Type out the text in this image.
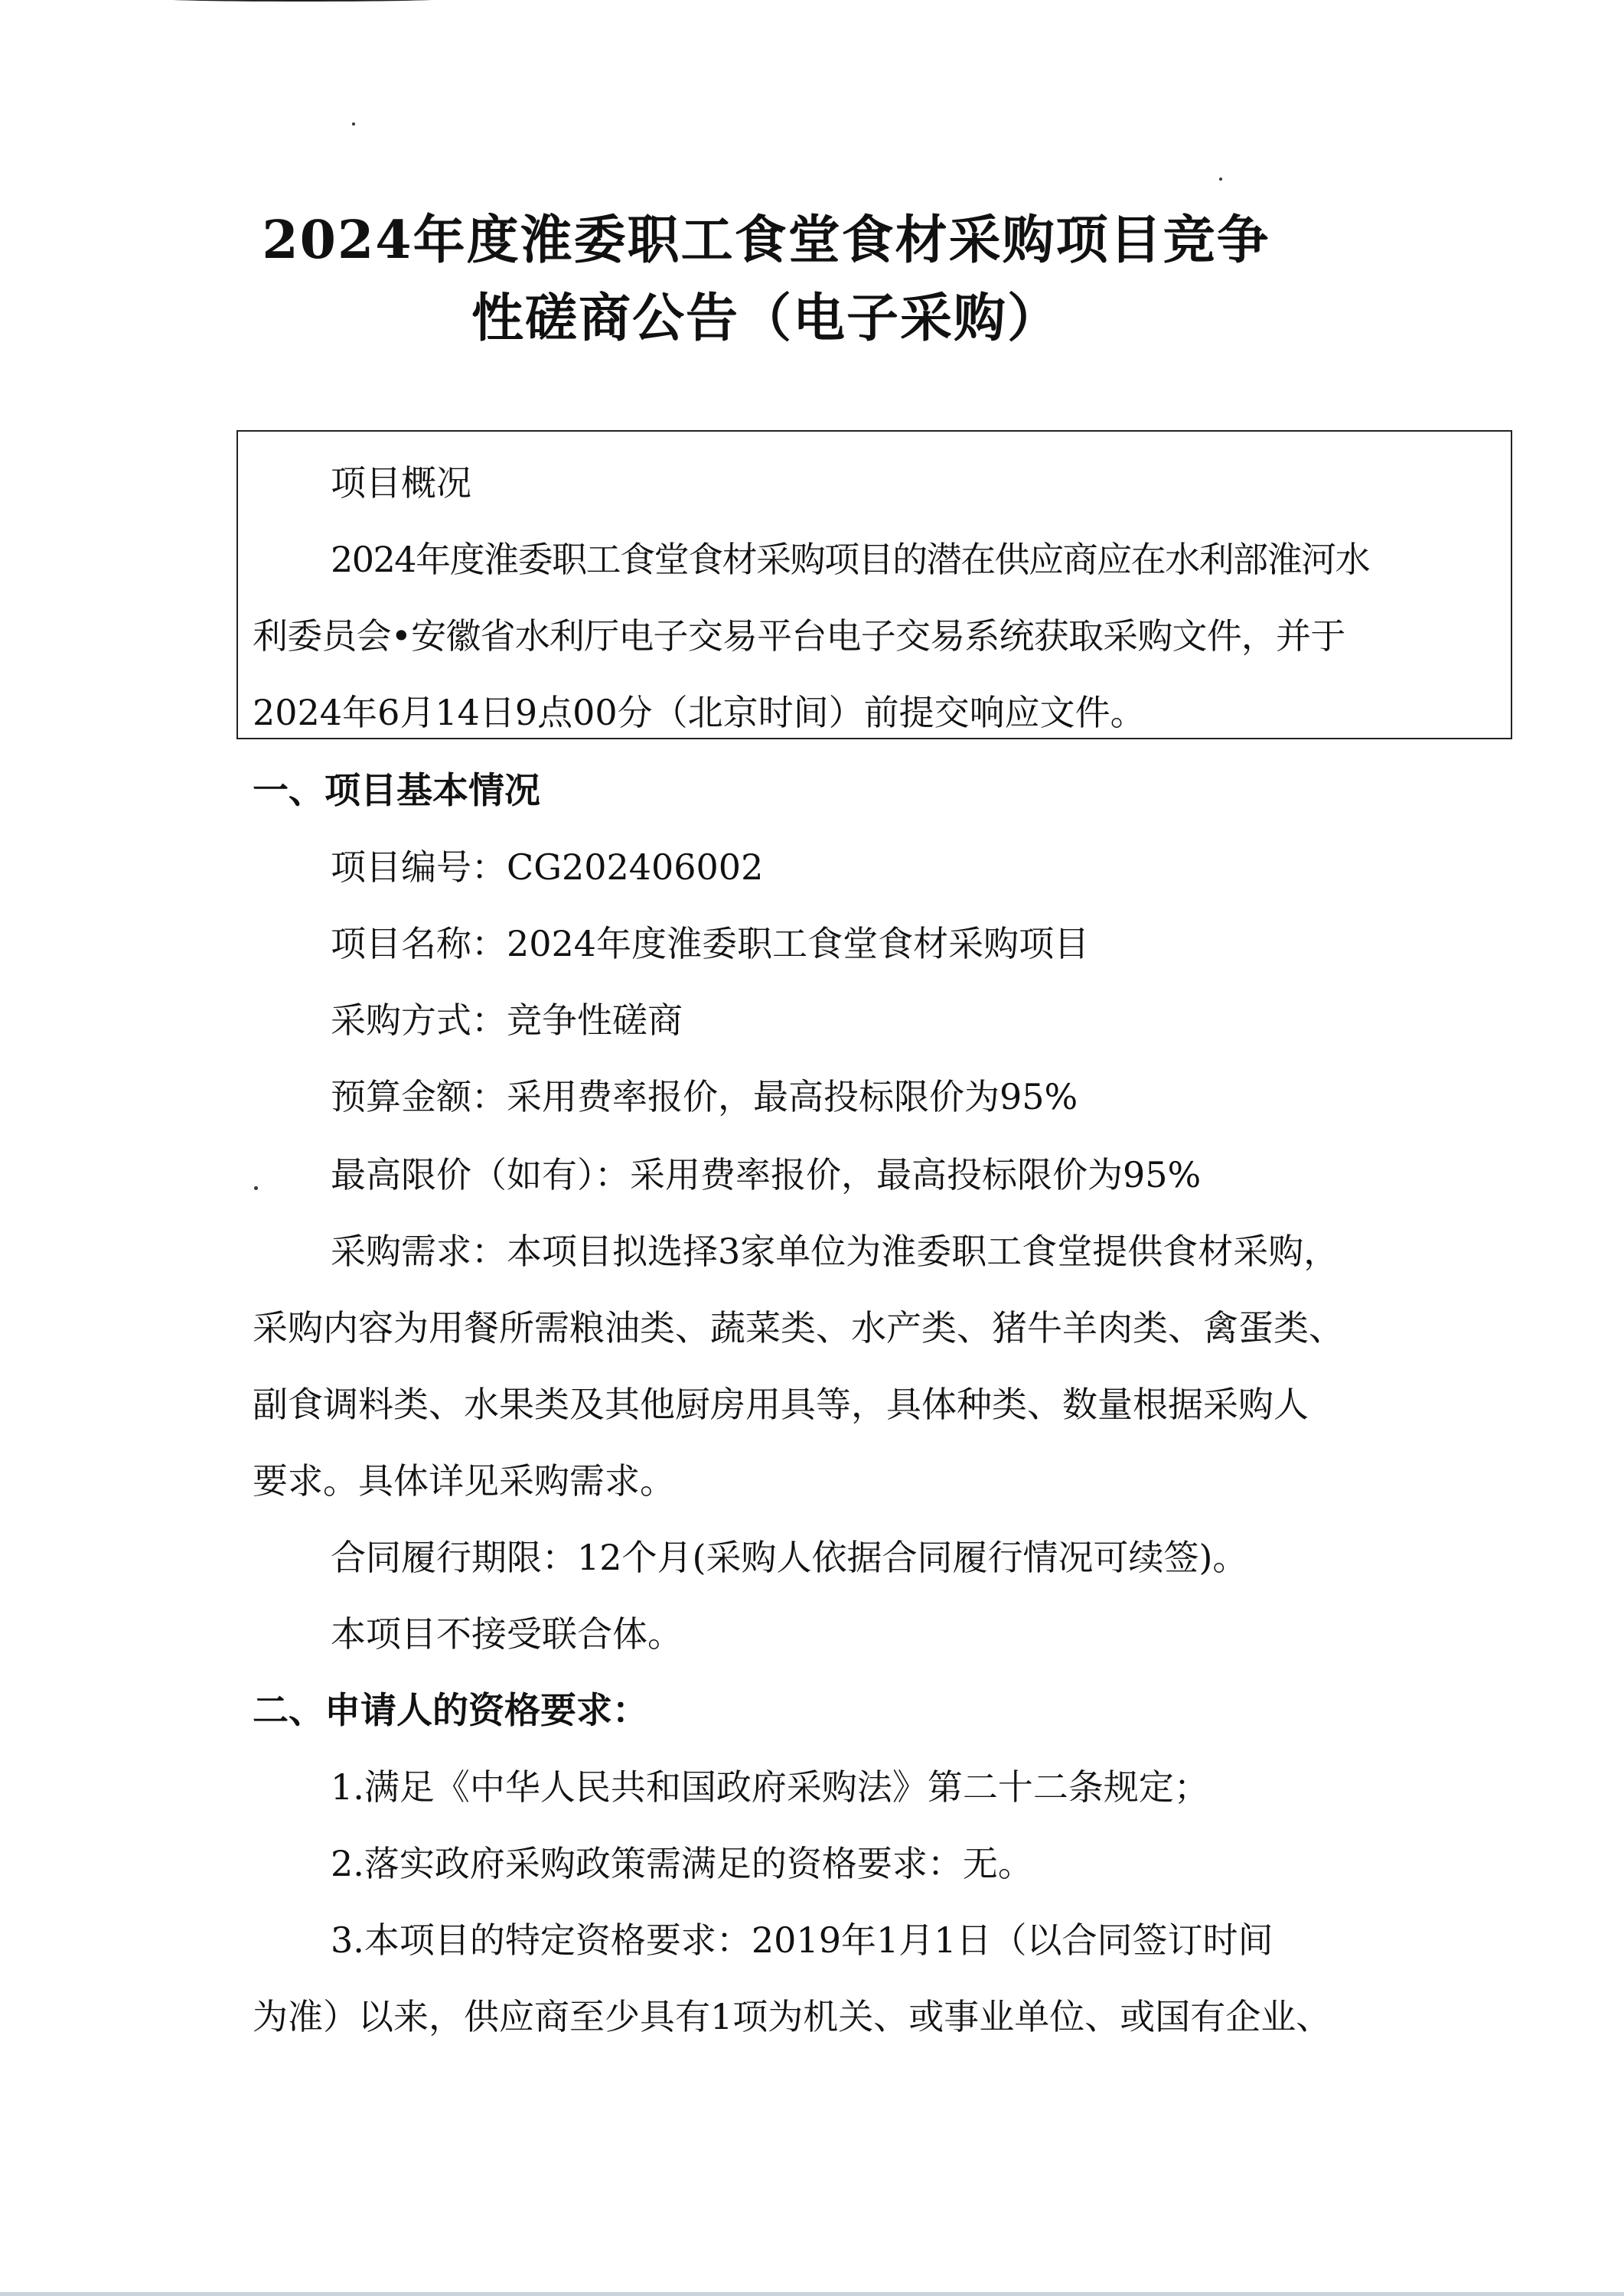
2024年度淮委职工食堂食材采购项目竞争
性磋商公告（电子采购）
项目概况
2024年度淮委职工食堂食材采购项目的潜在供应商应在水利部淮河水
利委员会•安徽省水利厅电子交易平台电子交易系统获取采购文件，并于
2024年6月14日9点00分（北京时间）前提交响应文件。
一、项目基本情况
项目编号：CG202406002
项目名称：2024年度淮委职工食堂食材采购项目
采购方式：竞争性磋商
预算金额：采用费率报价，最高投标限价为95%
最高限价（如有）：采用费率报价，最高投标限价为95%
采购需求：本项目拟选择3家单位为淮委职工食堂提供食材采购，
采购内容为用餐所需粮油类、蔬菜类、水产类、猪牛羊肉类、禽蛋类、
副食调料类、水果类及其他厨房用具等，具体种类、数量根据采购人
要求。具体详见采购需求。
合同履行期限：12个月(采购人依据合同履行情况可续签)。
本项目不接受联合体。
二、申请人的资格要求：
1.满足《中华人民共和国政府采购法》第二十二条规定；
2.落实政府采购政策需满足的资格要求：无。
3.本项目的特定资格要求：2019年1月1日（以合同签订时间
为准）以来，供应商至少具有1项为机关、或事业单位、或国有企业、
